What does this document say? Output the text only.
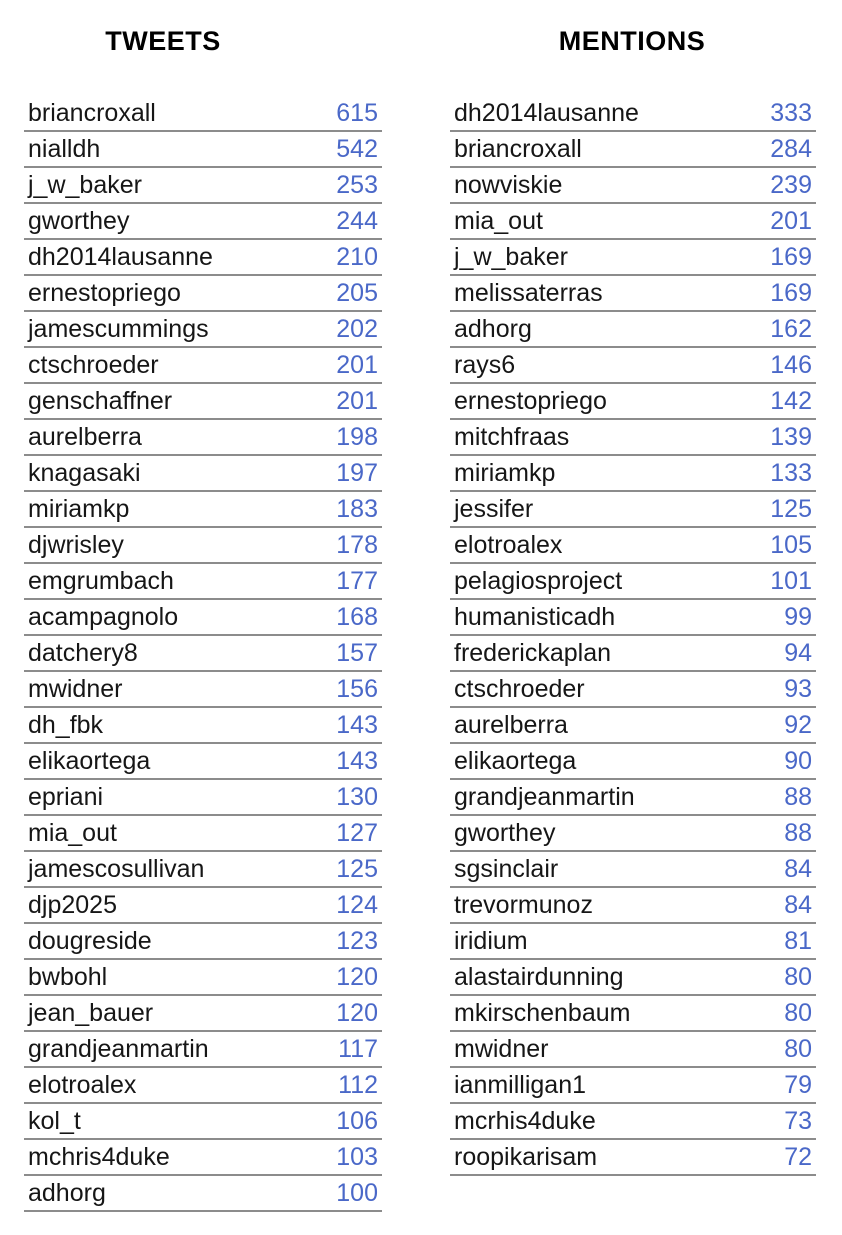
TWEETS
briancroxall	615
nialldh	542
j_w_baker	253
gworthey	244
dh2014lausanne	210
ernestopriego	205
jamescummings	202
ctschroeder	201
genschaffner	201
aurelberra	198
knagasaki	197
miriamkp	183
djwrisley	178
emgrumbach	177
acampagnolo	168
datchery8	157
mwidner	156
dh_fbk	143
elikaortega	143
epriani	130
mia_out	127
jamescosullivan	125
djp2025	124
dougreside	123
bwbohl	120
jean_bauer	120
grandjeanmartin	117
elotroalex	112
kol_t	106
mchris4duke	103
adhorg	100
MENTIONS
dh2014lausanne	333
briancroxall	284
nowviskie	239
mia_out	201
j_w_baker	169
melissaterras	169
adhorg	162
rays6	146
ernestopriego	142
mitchfraas	139
miriamkp	133
jessifer	125
elotroalex	105
pelagiosproject	101
humanisticadh	99
frederickaplan	94
ctschroeder	93
aurelberra	92
elikaortega	90
grandjeanmartin	88
gworthey	88
sgsinclair	84
trevormunoz	84
iridium	81
alastairdunning	80
mkirschenbaum	80
mwidner	80
ianmilligan1	79
mcrhis4duke	73
roopikarisam	72
